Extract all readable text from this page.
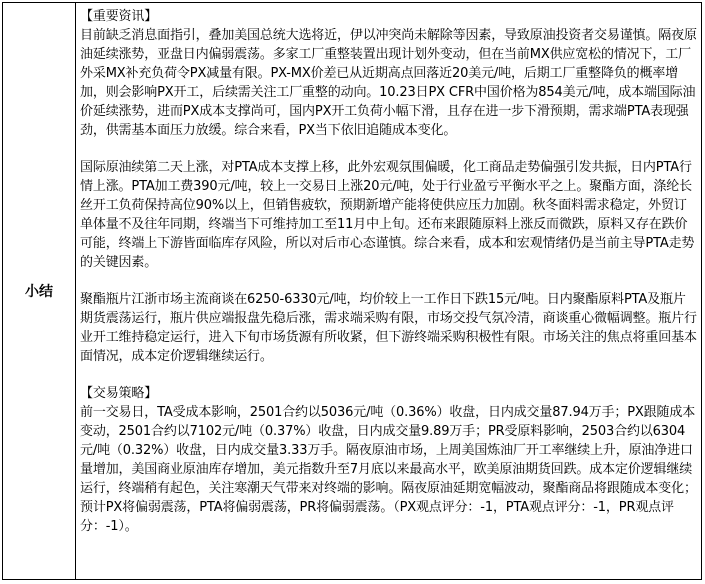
小结	
【重要资讯】

目前缺乏消息面指引，叠加美国总统大选将近，伊以冲突尚未解除等因素，导致原油投资者交易谨慎。隔夜原油延续涨势，亚盘日内偏弱震荡。多家工厂重整装置出现计划外变动，但在当前MX供应宽松的情况下，工厂外采MX补充负荷令PX减量有限。PX-MX价差已从近期高点回落近20美元/吨，后期工厂重整降负的概率增加，则会影响PX开工，后续需关注工厂重整的动向。10.23日PX CFR中国价格为854美元/吨，成本端国际油价延续涨势，进而PX成本支撑尚可，国内PX开工负荷小幅下滑，且存在进一步下滑预期，需求端PTA表现强劲，供需基本面压力放缓。综合来看，PX当下依旧追随成本变化。

国际原油续第二天上涨，对PTA成本支撑上移，此外宏观氛围偏暖，化工商品走势偏强引发共振，日内PTA行情上涨。PTA加工费390元/吨，较上一交易日上涨20元/吨，处于行业盈亏平衡水平之上。聚酯方面，涤纶长丝开工负荷保持高位90%以上，但销售疲软，预期新增产能将使供应压力加剧。秋冬面料需求稳定，外贸订单体量不及往年同期，终端当下可维持加工至11月中上旬。还布来跟随原料上涨反而微跌，原料又存在跌价可能，终端上下游皆面临库存风险，所以对后市心态谨慎。综合来看，成本和宏观情绪仍是当前主导PTA走势的关键因素。

聚酯瓶片江浙市场主流商谈在6250-6330元/吨，均价较上一工作日下跌15元/吨。日内聚酯原料PTA及瓶片期货震荡运行，瓶片供应端报盘先稳后涨，需求端采购有限，市场交投气氛冷清，商谈重心微幅调整。瓶片行业开工维持稳定运行，进入下旬市场货源有所收紧，但下游终端采购积极性有限。市场关注的焦点将重回基本面情况，成本定价逻辑继续运行。

【交易策略】

前一交易日，TA受成本影响，2501合约以5036元/吨（0.36%）收盘，日内成交量87.94万手；PX跟随成本变动，2501合约以7102元/吨（0.37%）收盘，日内成交量9.89万手；PR受原料影响，2503合约以6304元/吨（0.32%）收盘，日内成交量3.33万手。隔夜原油市场，上周美国炼油厂开工率继续上升，原油净进口量增加，美国商业原油库存增加，美元指数升至7月底以来最高水平，欧美原油期货回跌。成本定价逻辑继续运行，终端稍有起色，关注寒潮天气带来对终端的影响。隔夜原油延期宽幅波动，聚酯商品将跟随成本变化；预计PX将偏弱震荡，PTA将偏弱震荡，PR将偏弱震荡。（PX观点评分：-1，PTA观点评分：-1，PR观点评分：-1）。
